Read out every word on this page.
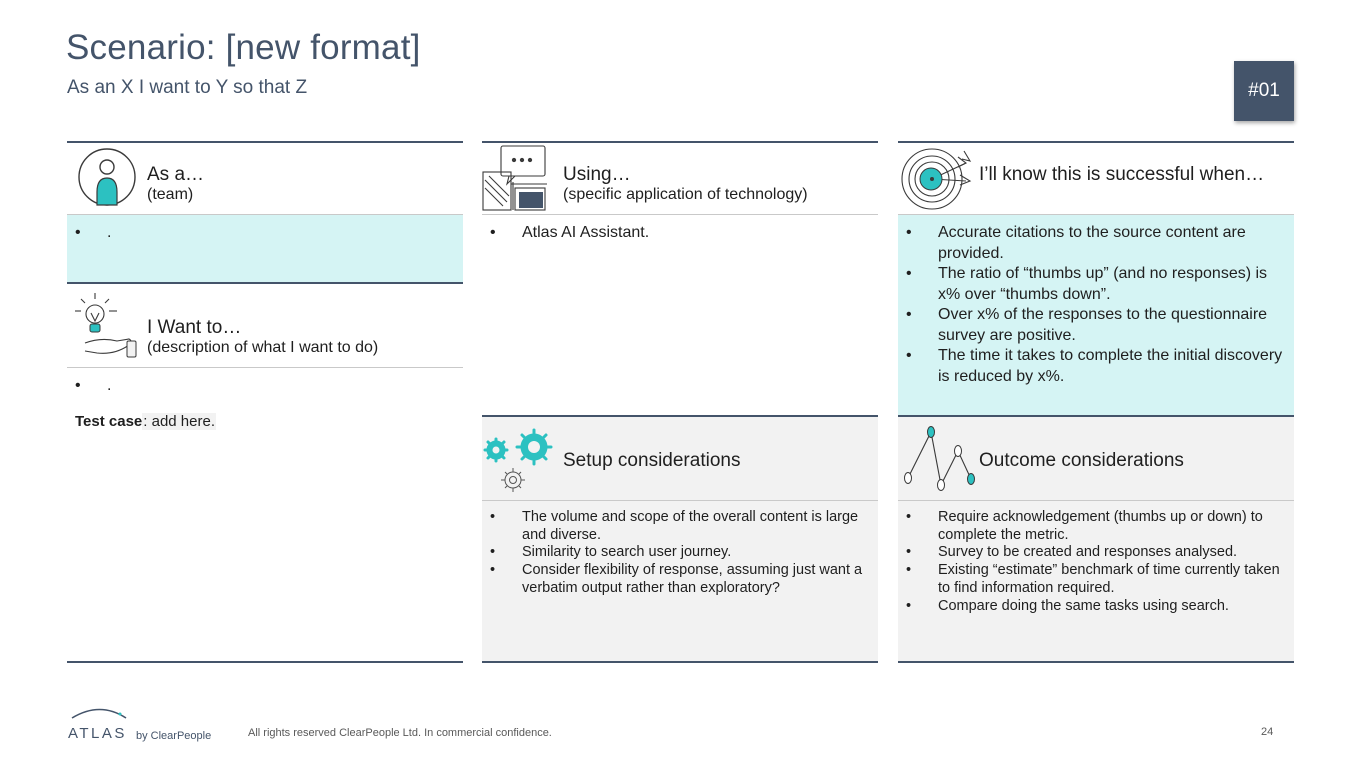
Scenario: [new format]
As an X I want to Y so that Z	#01
As a…
(team)
• .
I Want to…
(description of what I want to do)
• .
Test case: add here.
Using…
(specific application of technology)
• Atlas AI Assistant.
I’ll know this is successful when…
• Accurate citations to the source content are provided.
• The ratio of “thumbs up” (and no responses) is x% over “thumbs down”.
• Over x% of the responses to the questionnaire survey are positive.
• The time it takes to complete the initial discovery is reduced by x%.
Setup considerations
• The volume and scope of the overall content is large and diverse.
• Similarity to search user journey.
• Consider flexibility of response, assuming just want a verbatim output rather than exploratory?
Outcome considerations
• Require acknowledgement (thumbs up or down) to complete the metric.
• Survey to be created and responses analysed.
• Existing “estimate” benchmark of time currently taken to find information required.
• Compare doing the same tasks using search.
ATLAS by ClearPeople	All rights reserved ClearPeople Ltd. In commercial confidence.	24
